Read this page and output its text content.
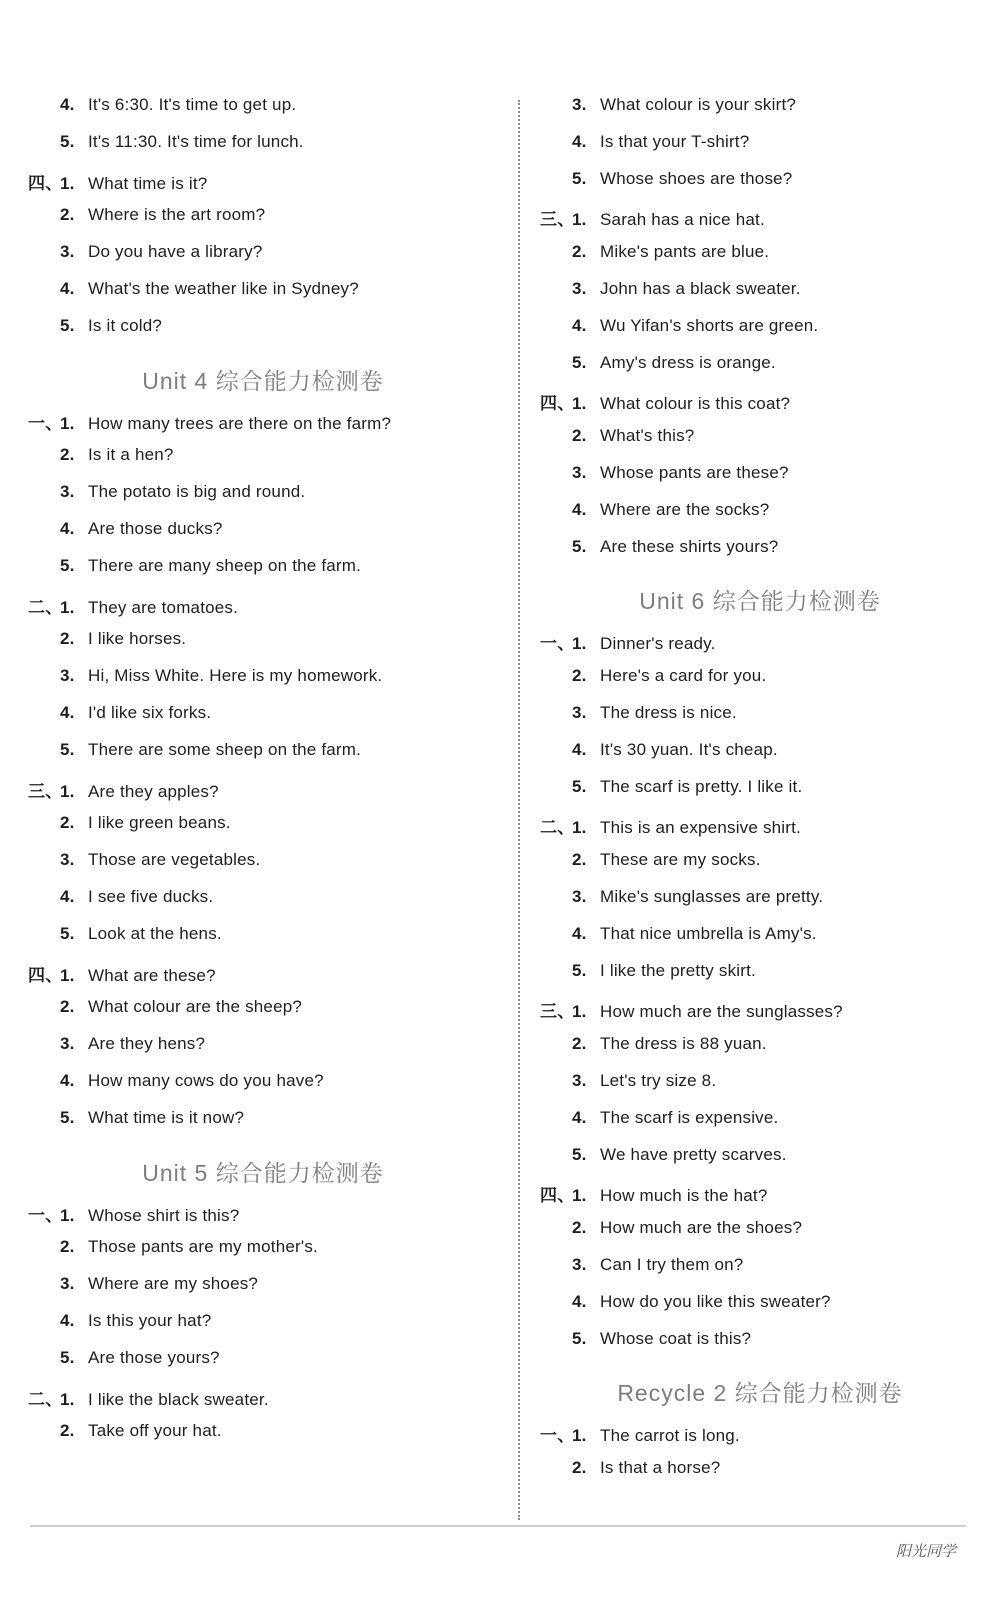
4. It's 6:30. It's time to get up.
5. It's 11:30. It's time for lunch.
四、
1. What time is it?
2. Where is the art room?
3. Do you have a library?
4. What's the weather like in Sydney?
5. Is it cold?
Unit 4 综合能力检测卷
一、
1. How many trees are there on the farm?
2. Is it a hen?
3. The potato is big and round.
4. Are those ducks?
5. There are many sheep on the farm.
二、
1. They are tomatoes.
2. I like horses.
3. Hi, Miss White. Here is my homework.
4. I'd like six forks.
5. There are some sheep on the farm.
三、
1. Are they apples?
2. I like green beans.
3. Those are vegetables.
4. I see five ducks.
5. Look at the hens.
四、
1. What are these?
2. What colour are the sheep?
3. Are they hens?
4. How many cows do you have?
5. What time is it now?
Unit 5 综合能力检测卷
一、
1. Whose shirt is this?
2. Those pants are my mother's.
3. Where are my shoes?
4. Is this your hat?
5. Are those yours?
二、
1. I like the black sweater.
2. Take off your hat.
3. What colour is your skirt?
4. Is that your T-shirt?
5. Whose shoes are those?
三、
1. Sarah has a nice hat.
2. Mike's pants are blue.
3. John has a black sweater.
4. Wu Yifan's shorts are green.
5. Amy's dress is orange.
四、
1. What colour is this coat?
2. What's this?
3. Whose pants are these?
4. Where are the socks?
5. Are these shirts yours?
Unit 6 综合能力检测卷
一、
1. Dinner's ready.
2. Here's a card for you.
3. The dress is nice.
4. It's 30 yuan. It's cheap.
5. The scarf is pretty. I like it.
二、
1. This is an expensive shirt.
2. These are my socks.
3. Mike's sunglasses are pretty.
4. That nice umbrella is Amy's.
5. I like the pretty skirt.
三、
1. How much are the sunglasses?
2. The dress is 88 yuan.
3. Let's try size 8.
4. The scarf is expensive.
5. We have pretty scarves.
四、
1. How much is the hat?
2. How much are the shoes?
3. Can I try them on?
4. How do you like this sweater?
5. Whose coat is this?
Recycle 2 综合能力检测卷
一、
1. The carrot is long.
2. Is that a horse?
阳光同学
